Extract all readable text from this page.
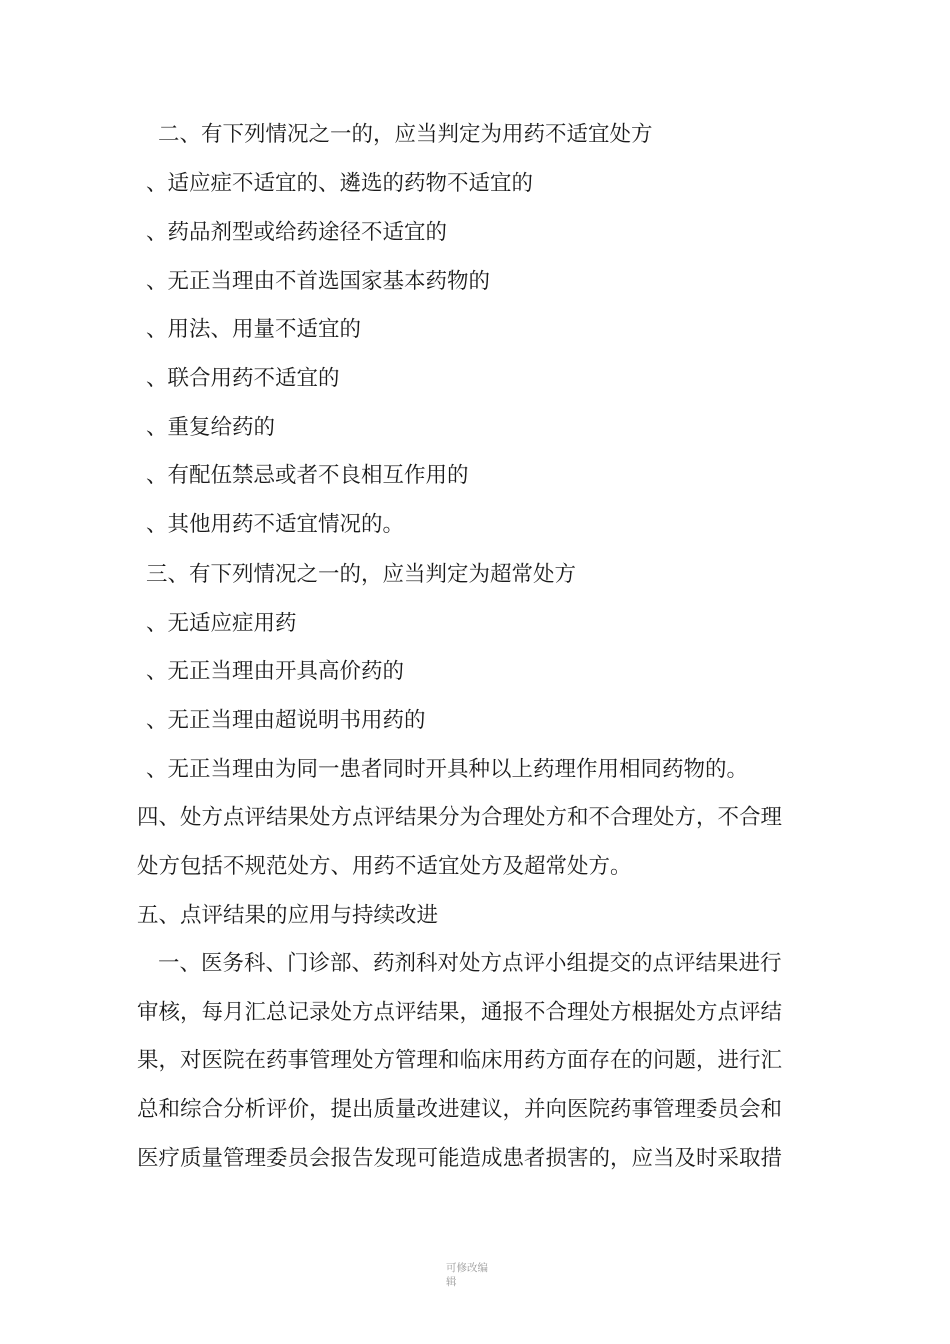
二、有下列情况之一的，应当判定为用药不适宜处方
、适应症不适宜的、遴选的药物不适宜的
、药品剂型或给药途径不适宜的
、无正当理由不首选国家基本药物的
、用法、用量不适宜的
、联合用药不适宜的
、重复给药的
、有配伍禁忌或者不良相互作用的
、其他用药不适宜情况的。
三、有下列情况之一的，应当判定为超常处方
、无适应症用药
、无正当理由开具高价药的
、无正当理由超说明书用药的
、无正当理由为同一患者同时开具种以上药理作用相同药物的。
四、处方点评结果处方点评结果分为合理处方和不合理处方，不合理
处方包括不规范处方、用药不适宜处方及超常处方。
五、点评结果的应用与持续改进
一、医务科、门诊部、药剂科对处方点评小组提交的点评结果进行
审核，每月汇总记录处方点评结果，通报不合理处方根据处方点评结
果，对医院在药事管理处方管理和临床用药方面存在的问题，进行汇
总和综合分析评价，提出质量改进建议，并向医院药事管理委员会和
医疗质量管理委员会报告发现可能造成患者损害的，应当及时采取措
可修改编辑
